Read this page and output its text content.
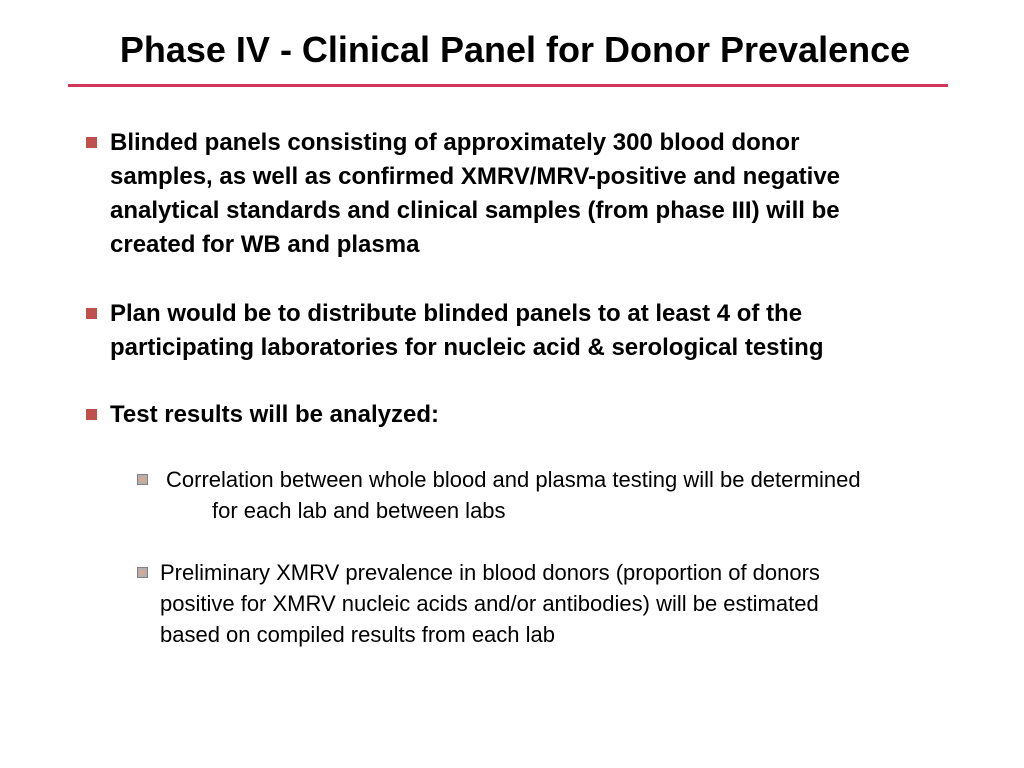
Phase IV - Clinical Panel for Donor Prevalence
Blinded panels consisting of approximately 300 blood donor
samples, as well as confirmed XMRV/MRV-positive and negative
analytical standards and clinical samples (from phase III) will be
created for WB and plasma
Plan would be to distribute blinded panels to at least 4 of the
participating laboratories for nucleic acid & serological testing
Test results will be analyzed:
Correlation between whole blood and plasma testing will be determined
for each lab and between labs
Preliminary XMRV prevalence in blood donors (proportion of donors
positive for XMRV nucleic acids and/or antibodies) will be estimated
based on compiled results from each lab
